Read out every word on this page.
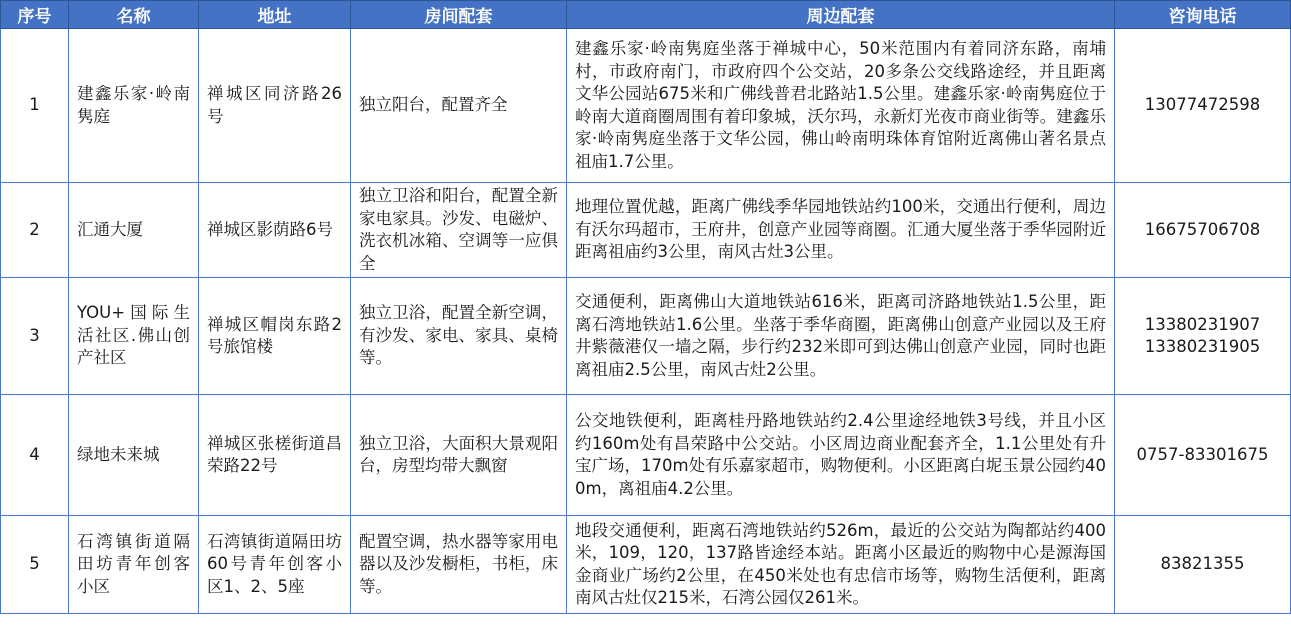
序号	名称	地址	房间配套	周边配套	咨询电话
1	建鑫乐家·岭南隽庭	禅城区同济路26号	独立阳台，配置齐全	建鑫乐家·岭南隽庭坐落于禅城中心，50米范围内有着同济东路，南埔村，市政府南门，市政府四个公交站，20多条公交线路途经，并且距离文华公园站675米和广佛线普君北路站1.5公里。建鑫乐家·岭南隽庭位于岭南大道商圈周围有着印象城，沃尔玛，永新灯光夜市商业街等。建鑫乐家·岭南隽庭坐落于文华公园，佛山岭南明珠体育馆附近离佛山著名景点祖庙1.7公里。	13077472598

2	汇通大厦	禅城区影荫路6号	独立卫浴和阳台，配置全新家电家具。沙发、电磁炉、洗衣机冰箱、空调等一应俱全	地理位置优越，距离广佛线季华园地铁站约100米，交通出行便利，周边有沃尔玛超市，王府井，创意产业园等商圈。汇通大厦坐落于季华园附近距离祖庙约3公里，南风古灶3公里。	16675706708

3	YOU+国际生活社区.佛山创产社区	禅城区帽岗东路2号旅馆楼	独立卫浴，配置全新空调，有沙发、家电、家具、桌椅等。	交通便利，距离佛山大道地铁站616米，距离司济路地铁站1.5公里，距离石湾地铁站1.6公里。坐落于季华商圈，距离佛山创意产业园以及王府井紫薇港仅一墙之隔，步行约232米即可到达佛山创意产业园，同时也距离祖庙2.5公里，南风古灶2公里。	13380231907
13380231905

4	绿地未来城	禅城区张槎街道昌荣路22号	独立卫浴，大面积大景观阳台，房型均带大飘窗	公交地铁便利，距离桂丹路地铁站约2.4公里途经地铁3号线，并且小区约160m处有昌荣路中公交站。小区周边商业配套齐全，1.1公里处有升宝广场，170m处有乐嘉家超市，购物便利。小区距离白坭玉景公园约400m，离祖庙4.2公里。	0757-83301675

5	石湾镇街道隔田坊青年创客小区	石湾镇街道隔田坊60号青年创客小区1、2、5座	配置空调，热水器等家用电器以及沙发橱柜，书柜，床等。	地段交通便利，距离石湾地铁站约526m，最近的公交站为陶都站约400米，109，120，137路皆途经本站。距离小区最近的购物中心是源海国金商业广场约2公里，在450米处也有忠信市场等，购物生活便利，距离南风古灶仅215米，石湾公园仅261米。	83821355
